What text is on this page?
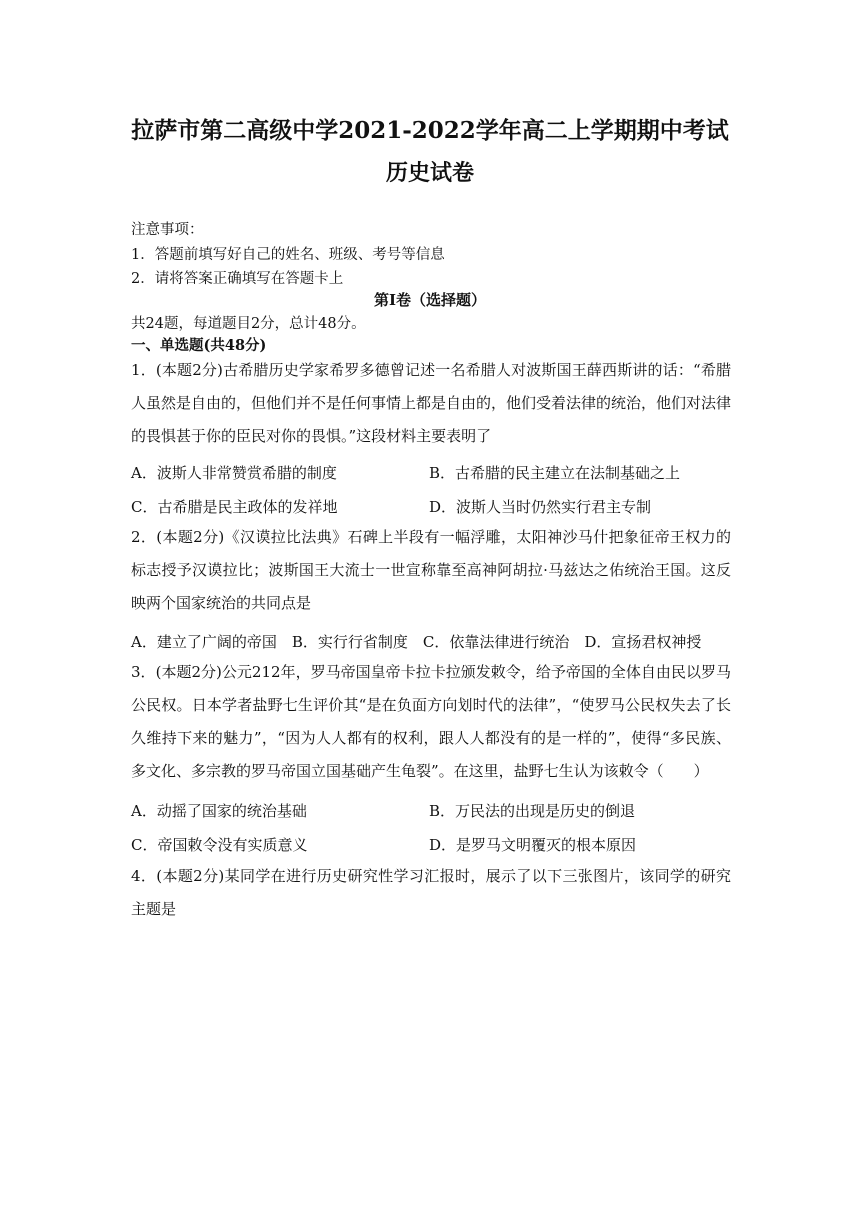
拉萨市第二高级中学2021-2022学年高二上学期期中考试
历史试卷
注意事项：
1．答题前填写好自己的姓名、班级、考号等信息
2．请将答案正确填写在答题卡上
第I卷（选择题）
共24题，每道题目2分，总计48分。
一、单选题(共48分)
1．(本题2分)古希腊历史学家希罗多德曾记述一名希腊人对波斯国王薛西斯讲的话：“希腊人虽然是自由的，但他们并不是任何事情上都是自由的，他们受着法律的统治，他们对法律的畏惧甚于你的臣民对你的畏惧。”这段材料主要表明了
A．波斯人非常赞赏希腊的制度	B．古希腊的民主建立在法制基础之上
C．古希腊是民主政体的发祥地	D．波斯人当时仍然实行君主专制
2．(本题2分)《汉谟拉比法典》石碑上半段有一幅浮雕，太阳神沙马什把象征帝王权力的标志授予汉谟拉比；波斯国王大流士一世宣称靠至高神阿胡拉·马兹达之佑统治王国。这反映两个国家统治的共同点是
A．建立了广阔的帝国　B．实行行省制度　C．依靠法律进行统治　D．宣扬君权神授
3．(本题2分)公元212年，罗马帝国皇帝卡拉卡拉颁发敕令，给予帝国的全体自由民以罗马公民权。日本学者盐野七生评价其“是在负面方向划时代的法律”，“使罗马公民权失去了长久维持下来的魅力”，“因为人人都有的权利，跟人人都没有的是一样的”，使得“多民族、多文化、多宗教的罗马帝国立国基础产生龟裂”。在这里，盐野七生认为该敕令（　　）
A．动摇了国家的统治基础	B．万民法的出现是历史的倒退
C．帝国敕令没有实质意义	D．是罗马文明覆灭的根本原因
4．(本题2分)某同学在进行历史研究性学习汇报时，展示了以下三张图片，该同学的研究主题是
